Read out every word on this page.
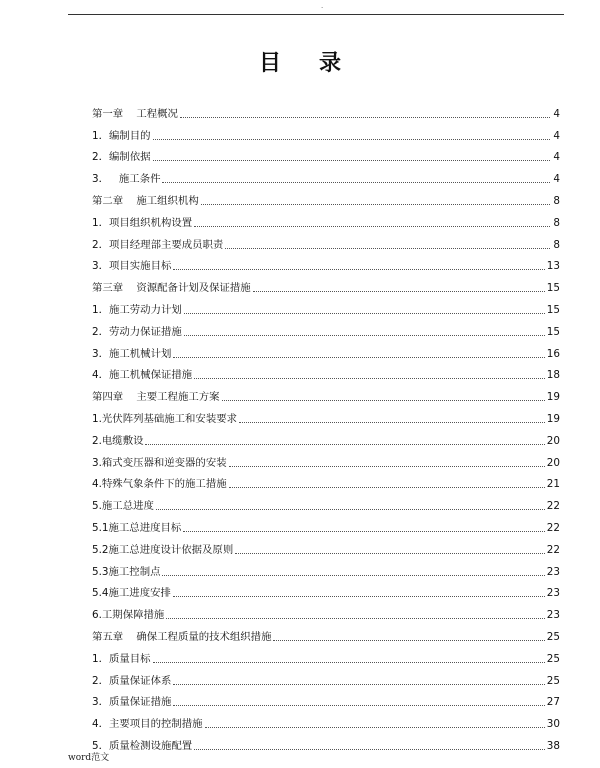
.
目录
第一章    工程概况	4
1．编制目的	4
2．编制依据	4
3．   施工条件	4
第二章    施工组织机构	8
1．项目组织机构设置	8
2．项目经理部主要成员职责	8
3．项目实施目标	13
第三章    资源配备计划及保证措施	15
1．施工劳动力计划	15
2．劳动力保证措施	15
3．施工机械计划	16
4．施工机械保证措施	18
第四章    主要工程施工方案	19
1.光伏阵列基础施工和安装要求	19
2.电缆敷设	20
3.箱式变压器和逆变器的安装	20
4.特殊气象条件下的施工措施	21
5.施工总进度	22
5.1施工总进度目标	22
5.2施工总进度设计依据及原则	22
5.3施工控制点	23
5.4施工进度安排	23
6.工期保障措施	23
第五章    确保工程质量的技术组织措施	25
1．质量目标	25
2．质量保证体系	25
3．质量保证措施	27
4．主要项目的控制措施	30
5．质量检测设施配置	38
word范文
